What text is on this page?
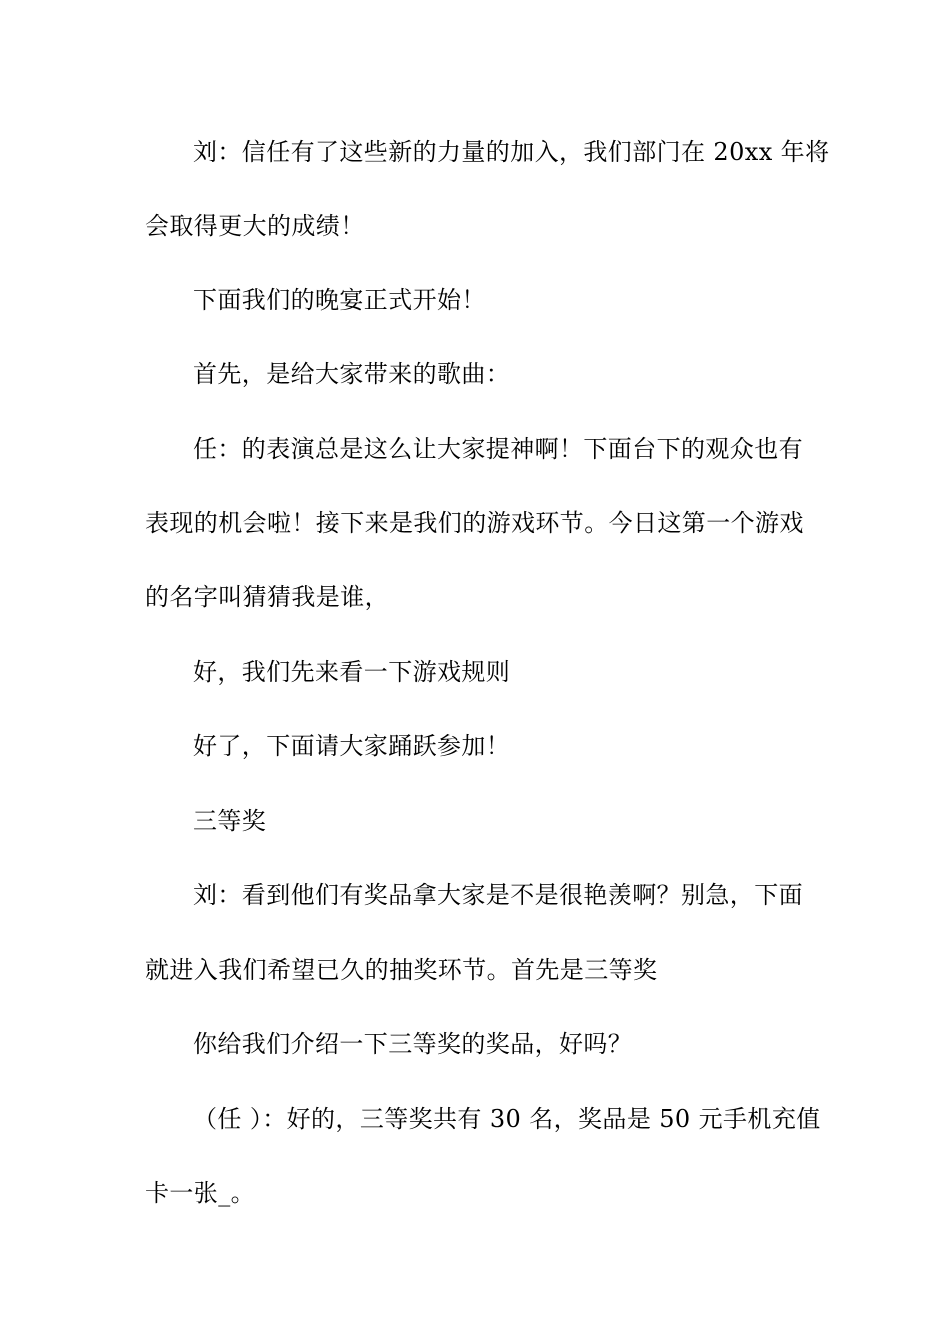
刘：信任有了这些新的力量的加入，我们部门在 20xx 年将
会取得更大的成绩！
下面我们的晚宴正式开始！
首先，是给大家带来的歌曲：
任：的表演总是这么让大家提神啊！下面台下的观众也有
表现的机会啦！接下来是我们的游戏环节。今日这第一个游戏
的名字叫猜猜我是谁，
好，我们先来看一下游戏规则
好了，下面请大家踊跃参加！
三等奖
刘：看到他们有奖品拿大家是不是很艳羡啊？别急，下面
就进入我们希望已久的抽奖环节。首先是三等奖
你给我们介绍一下三等奖的奖品，好吗？
（任 ）：好的，三等奖共有 30 名，奖品是 50 元手机充值
卡一张_。
